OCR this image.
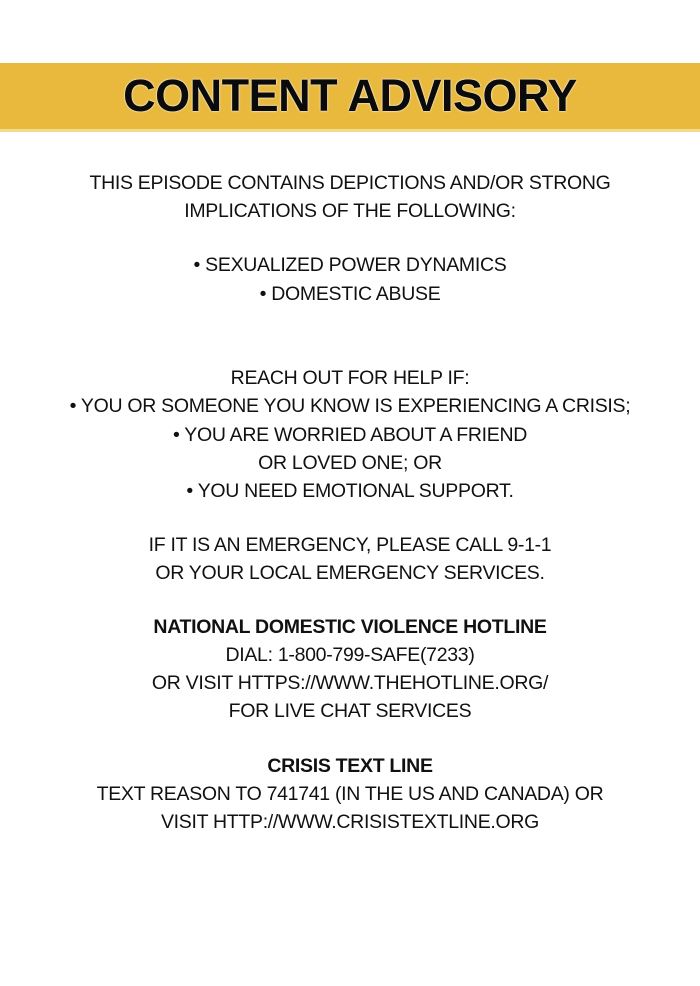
CONTENT ADVISORY
THIS EPISODE CONTAINS DEPICTIONS AND/OR STRONG
IMPLICATIONS OF THE FOLLOWING:
• SEXUALIZED POWER DYNAMICS
• DOMESTIC ABUSE
REACH OUT FOR HELP IF:
• YOU OR SOMEONE YOU KNOW IS EXPERIENCING A CRISIS;
• YOU ARE WORRIED ABOUT A FRIEND
OR LOVED ONE; OR
• YOU NEED EMOTIONAL SUPPORT.
IF IT IS AN EMERGENCY, PLEASE CALL 9-1-1
OR YOUR LOCAL EMERGENCY SERVICES.
NATIONAL DOMESTIC VIOLENCE HOTLINE
DIAL: 1-800-799-SAFE(7233)
OR VISIT HTTPS://WWW.THEHOTLINE.ORG/
FOR LIVE CHAT SERVICES
CRISIS TEXT LINE
TEXT REASON TO 741741 (IN THE US AND CANADA) OR
VISIT HTTP://WWW.CRISISTEXTLINE.ORG
